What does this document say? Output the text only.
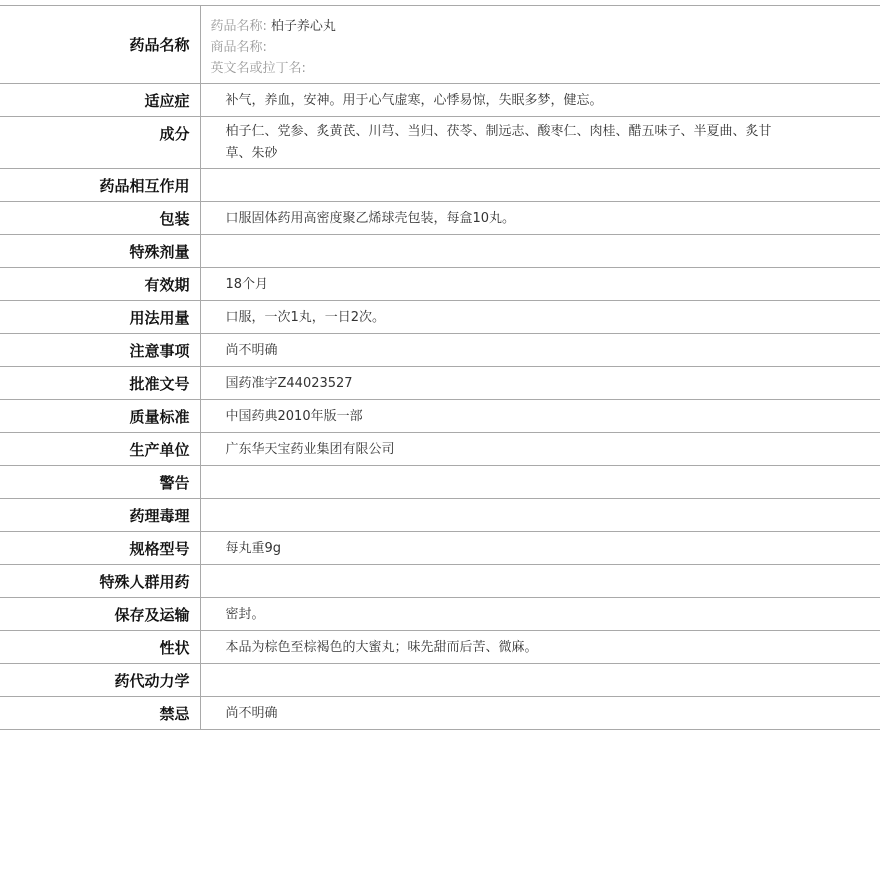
药品名称	药品名称: 柏子养心丸
商品名称:
英文名或拉丁名:

适应症	补气，养血，安神。用于心气虚寒，心悸易惊，失眠多梦，健忘。
成分	柏子仁、党参、炙黄芪、川芎、当归、茯苓、制远志、酸枣仁、肉桂、醋五味子、半夏曲、炙甘草、朱砂

药品相互作用	
包装	口服固体药用高密度聚乙烯球壳包装，每盒10丸。
特殊剂量	
有效期	18个月
用法用量	口服，一次1丸，一日2次。
注意事项	尚不明确
批准文号	国药准字Z44023527
质量标准	中国药典2010年版一部
生产单位	广东华天宝药业集团有限公司
警告	
药理毒理	
规格型号	每丸重9g
特殊人群用药	
保存及运输	密封。
性状	本品为棕色至棕褐色的大蜜丸；味先甜而后苦、微麻。
药代动力学	
禁忌	尚不明确
